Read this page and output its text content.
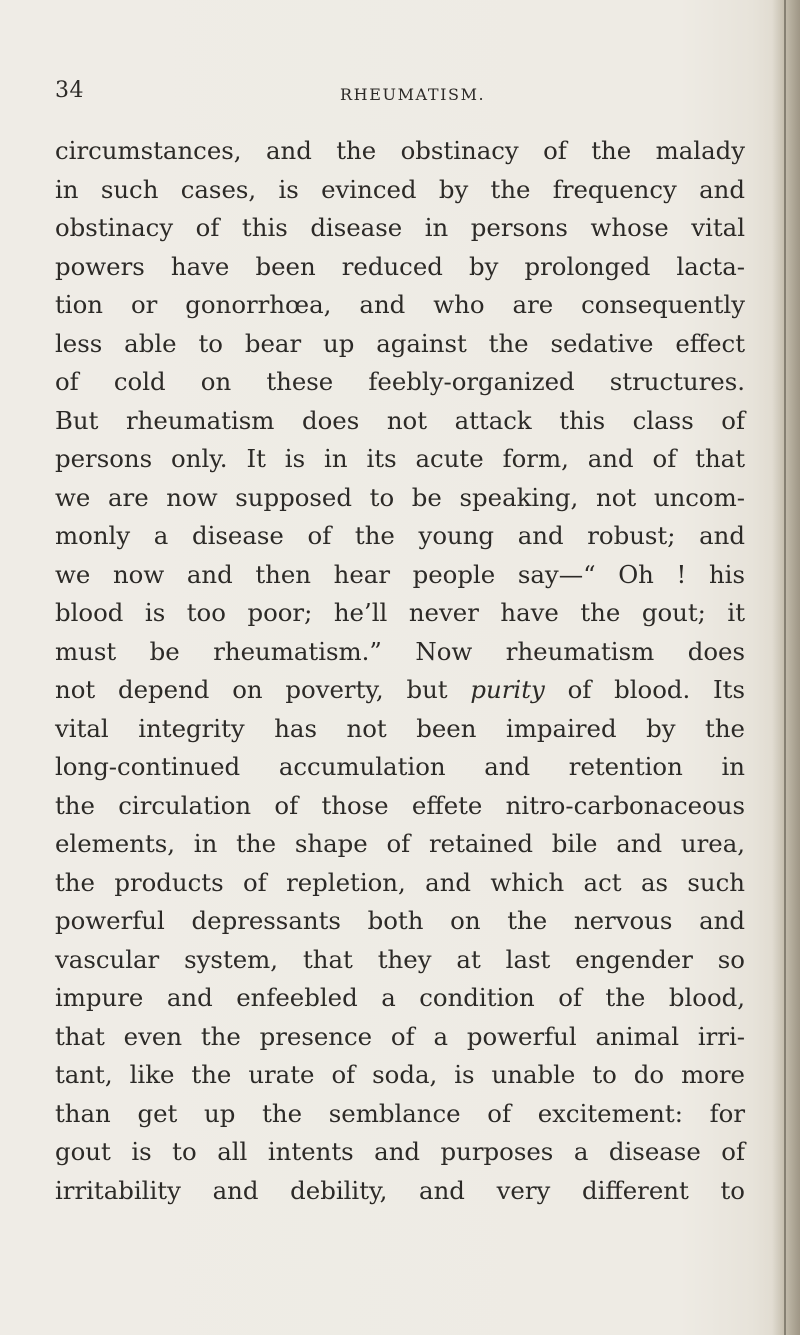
34	RHEUMATISM.
circumstances, and the obstinacy of the malady
in such cases, is evinced by the frequency and
obstinacy of this disease in persons whose vital
powers have been reduced by prolonged lacta-
tion or gonorrhœa, and who are consequently
less able to bear up against the sedative effect
of cold on these feebly-organized structures.
But rheumatism does not attack this class of
persons only. It is in its acute form, and of that
we are now supposed to be speaking, not uncom-
monly a disease of the young and robust; and
we now and then hear people say—“ Oh ! his
blood is too poor; he’ll never have the gout; it
must be rheumatism.” Now rheumatism does
not depend on poverty, but purity of blood. Its
vital integrity has not been impaired by the
long-continued accumulation and retention in
the circulation of those effete nitro-carbonaceous
elements, in the shape of retained bile and urea,
the products of repletion, and which act as such
powerful depressants both on the nervous and
vascular system, that they at last engender so
impure and enfeebled a condition of the blood,
that even the presence of a powerful animal irri-
tant, like the urate of soda, is unable to do more
than get up the semblance of excitement: for
gout is to all intents and purposes a disease of
irritability and debility, and very different to
